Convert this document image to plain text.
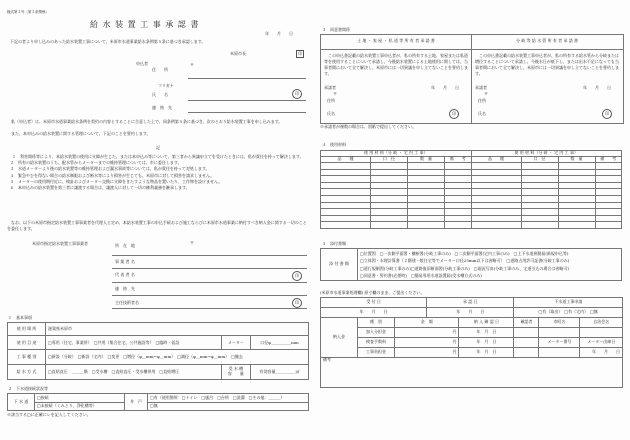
様式第３号（第２条関係）
給 水 装 置 工 事 承 認 書
年　　月　　日
下記の者より申し込みのあった給水装置工事について、米原市水道事業給水条例第５条に基づき承認します。
米原市長	印
申込者
住　　所
〒
フリガナ
氏　　名	印
連　絡　先
私（申込者）は、米原市水道事業給水条例を契約の内容とすることに合意した上で、同条例第５条に基づき、次のとおり給水装置工事を申し込みます。
また、本申込みの給水装置に関する管理について、下記のことを誓約します。
記
１　利害関係等により、本給水装置の使用に支障が生じた、または本申込み等について、第三者から異議申立てを受けたときには、私が責任を持って解決します。
２　所有の給水装置のうち、配水管からメーターまでの維持管理については、市に委任します。
３　水道メーターより後の給水装置等の維持管理および漏水事故等については、私が責任を持って対処します。
４　緊急やむを得ない場合の給水制限および断水等により損害が生じても、米原市に対して損害を請求しません。
５　メーターの使用期付近に、検針およびメーター交換に支障をきたすような物品を置いたり、工作物を設けません。
６　本申込みの給水装置を第三者に譲渡する場合は、譲渡人に対して一切の権利義務を継承します。
なお、以下の米原市指定給水装置工事事業者を代理人と定め、本給水装置工事の申込手続および施工ならびに米原市水道事業に納付すべき納入金に関する一切のことを委任します。
米原市指定給水装置工事事業者	〒
所　在　地
事 業 者 名
代 表 者 名	印
連　絡　先
主任技術者名	印
１　基本事項
使 用 場 所	滋賀県米原市		
使 用 目 途	□専用（住宅、事業所）　 □共用（集合住宅、公共施設等）　 □臨時・仮設	メーター	口径φ＿＿＿＿＿mm
工 事 種 別	□新設（分岐）　 □新設（宅内）　 □変更　 □増径（φ＿mm→φ＿mm）　 □減径（φ＿mm→φ＿mm）　 □撤去		
給 水 方 式	□直結直圧　＿＿＿階　 □受水槽　 □直結直圧・受水槽併用　 □直結増圧	受 水 槽
容　　量	有効容量＿＿＿＿＿㎥
２　下水道接続状況等
下 水 道	□接続	井　戸	□有（使用箇所：□トイレ　□風呂　□台所　□洗濯　□その他：＿＿＿）
	□未接続（くみとり、浄化槽等）		□無
※該当する□に正確にレを記入してください。
３　同意書関係
土 地 ・ 家 屋 ・ 私 道 等 所 有 者 承 諾 書	分 岐 等 給 水 管 所 有 者 承 諾 書
この申込書記載の給水装置工事申込者が、私の所有する土地、家屋または私道等を使用することについて承諾し、今後給水装置による土地使用に関しては、当事者間において全て解決し、米原市には一切異議を申し立てないことを誓約します。
この申込書記載の給水装置工事申込者が、私の所有する給水管から分岐または増径することについて承諾し、今後水圧が低下し、または出水不足になっても当事者間において全て解決し、米原市には一切異議を申し立てないことを誓約します。
承諾者	年　　月　　日
〒
住所
氏名	印
承諾者	年　　月　　日
〒
住所
氏名	印
※承諾者が複数の場合は、別紙で提出してください。
４　使用材料
使 用 材 料（分 岐 ・ 宅 内 工 事）				使 用 材 料（分 岐 ・ 宅 内 工 事）			
品　　種	口　径	数　量	備　　考	品　　種	口　径	数　量	備　　考

５　添付書類
添 付 書 類	
□位置図　□一次側平面図・横断図(分岐工事のみ)　□二次側平面図(宅内工事のみ)　□上下水道異動届(新規申込等)
□立体図・水理計算書（２階建一般住宅等でメーター口径25mm以下は省略可）　□道路占用許可証書(分岐工事のみ)
□道行規制図(分岐工事のみ)□道路復旧断面図(分岐工事のみ)　□現況写真(分岐工事のみ、宅道引込の場合は省略可)
□同意書・誓約書(必要時)　□簡易専用水道設置届(受水槽方式のみ)
(米原市水道事業処理欄) 原寸欄のまま、ご提出ください。
受 付 日			承 認 日		下水道工事申請		
年　　月　　日			年　　月　　日		□有（取出）　□有（宅内）　□無		
納入金	種　別	金　額		納 入 確 認 日	確認者	市町名	自治会名
	加入分担金	円		年　月　日			
	検査手数料	円		年　月　日		メーター番号	メーター出庫日
	工事負担金	円		年　月　日			年　　月　　日
備考							
